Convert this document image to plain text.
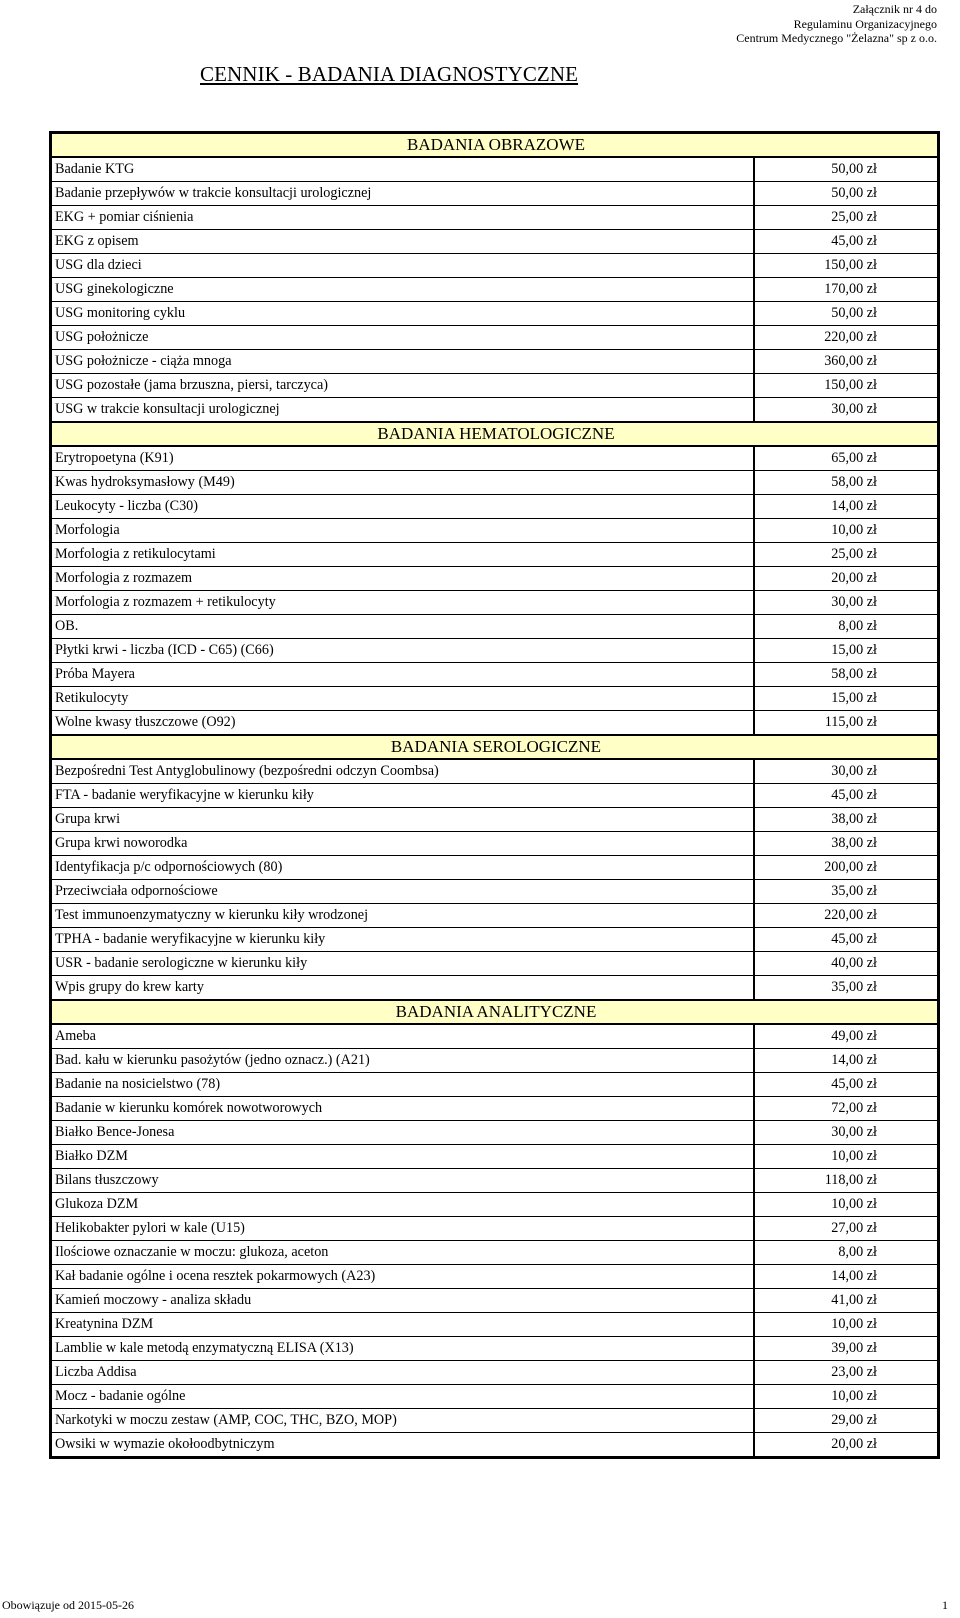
Załącznik nr 4 do
Regulaminu Organizacyjnego
Centrum Medycznego "Żelazna" sp z o.o.
CENNIK - BADANIA DIAGNOSTYCZNE
BADANIA OBRAZOWE	
Badanie KTG	50,00 zł
Badanie przepływów w trakcie konsultacji urologicznej	50,00 zł
EKG + pomiar ciśnienia	25,00 zł
EKG z opisem	45,00 zł
USG dla dzieci	150,00 zł
USG ginekologiczne	170,00 zł
USG monitoring cyklu	50,00 zł
USG położnicze	220,00 zł
USG położnicze - ciąża mnoga	360,00 zł
USG pozostałe (jama brzuszna, piersi, tarczyca)	150,00 zł
USG w trakcie konsultacji urologicznej	30,00 zł
BADANIA HEMATOLOGICZNE	
Erytropoetyna (K91)	65,00 zł
Kwas hydroksymasłowy (M49)	58,00 zł
Leukocyty - liczba (C30)	14,00 zł
Morfologia	10,00 zł
Morfologia z retikulocytami	25,00 zł
Morfologia z rozmazem	20,00 zł
Morfologia z rozmazem + retikulocyty	30,00 zł
OB.	8,00 zł
Płytki krwi - liczba (ICD - C65) (C66)	15,00 zł
Próba Mayera	58,00 zł
Retikulocyty	15,00 zł
Wolne kwasy tłuszczowe (O92)	115,00 zł
BADANIA SEROLOGICZNE	
Bezpośredni Test Antyglobulinowy (bezpośredni odczyn Coombsa)	30,00 zł
FTA - badanie weryfikacyjne w kierunku kiły	45,00 zł
Grupa krwi	38,00 zł
Grupa krwi noworodka	38,00 zł
Identyfikacja p/c odpornościowych (80)	200,00 zł
Przeciwciała odpornościowe	35,00 zł
Test immunoenzymatyczny w kierunku kiły wrodzonej	220,00 zł
TPHA - badanie weryfikacyjne w kierunku kiły	45,00 zł
USR - badanie serologiczne w kierunku kiły	40,00 zł
Wpis grupy do krew karty	35,00 zł
BADANIA ANALITYCZNE	
Ameba	49,00 zł
Bad. kału w kierunku pasożytów (jedno oznacz.) (A21)	14,00 zł
Badanie na nosicielstwo (78)	45,00 zł
Badanie w kierunku komórek nowotworowych	72,00 zł
Białko Bence-Jonesa	30,00 zł
Białko DZM	10,00 zł
Bilans tłuszczowy	118,00 zł
Glukoza DZM	10,00 zł
Helikobakter pylori w kale (U15)	27,00 zł
Ilościowe oznaczanie w moczu: glukoza, aceton	8,00 zł
Kał badanie ogólne i ocena resztek pokarmowych (A23)	14,00 zł
Kamień moczowy - analiza składu	41,00 zł
Kreatynina DZM	10,00 zł
Lamblie w kale metodą enzymatyczną ELISA (X13)	39,00 zł
Liczba Addisa	23,00 zł
Mocz - badanie ogólne	10,00 zł
Narkotyki w moczu zestaw (AMP, COC, THC, BZO, MOP)	29,00 zł
Owsiki w wymazie okołoodbytniczym	20,00 zł
Obowiązuje od 2015-05-26	1
